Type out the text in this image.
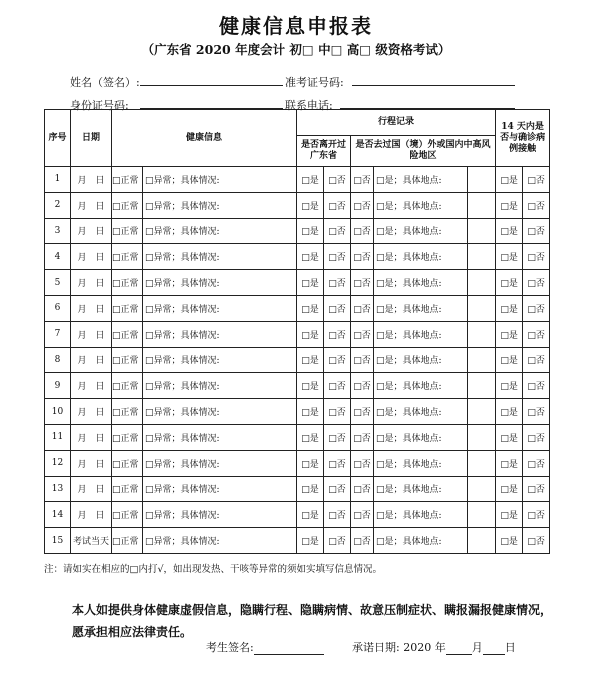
健康信息申报表
（广东省 2020 年度会计 初□ 中□ 高□ 级资格考试）
姓名（签名）:	准考证号码:
身份证号码:	联系电话:
序号	日期	健康信息		行程记录					14 天内是否与确诊病例接触	
				是否离开过广东省		是否去过国（境）外或国内中高风险地区				
1	月　日	□正常	□异常；具体情况:	□是	□否	□否	□是；具体地点:		□是	□否
2	月　日	□正常	□异常；具体情况:	□是	□否	□否	□是；具体地点:		□是	□否
3	月　日	□正常	□异常；具体情况:	□是	□否	□否	□是；具体地点:		□是	□否
4	月　日	□正常	□异常；具体情况:	□是	□否	□否	□是；具体地点:		□是	□否
5	月　日	□正常	□异常；具体情况:	□是	□否	□否	□是；具体地点:		□是	□否
6	月　日	□正常	□异常；具体情况:	□是	□否	□否	□是；具体地点:		□是	□否
7	月　日	□正常	□异常；具体情况:	□是	□否	□否	□是；具体地点:		□是	□否
8	月　日	□正常	□异常；具体情况:	□是	□否	□否	□是；具体地点:		□是	□否
9	月　日	□正常	□异常；具体情况:	□是	□否	□否	□是；具体地点:		□是	□否
10	月　日	□正常	□异常；具体情况:	□是	□否	□否	□是；具体地点:		□是	□否
11	月　日	□正常	□异常；具体情况:	□是	□否	□否	□是；具体地点:		□是	□否
12	月　日	□正常	□异常；具体情况:	□是	□否	□否	□是；具体地点:		□是	□否
13	月　日	□正常	□异常；具体情况:	□是	□否	□否	□是；具体地点:		□是	□否
14	月　日	□正常	□异常；具体情况:	□是	□否	□否	□是；具体地点:		□是	□否
15	考试当天	□正常	□异常；具体情况:	□是	□否	□否	□是；具体地点:		□是	□否
注：请如实在相应的□内打√，如出现发热、干咳等异常的须如实填写信息情况。
本人如提供身体健康虚假信息，隐瞒行程、隐瞒病情、故意压制症状、瞒报漏报健康情况，愿承担相应法律责任。
考生签名:	承诺日期: 2020 年 月 日
